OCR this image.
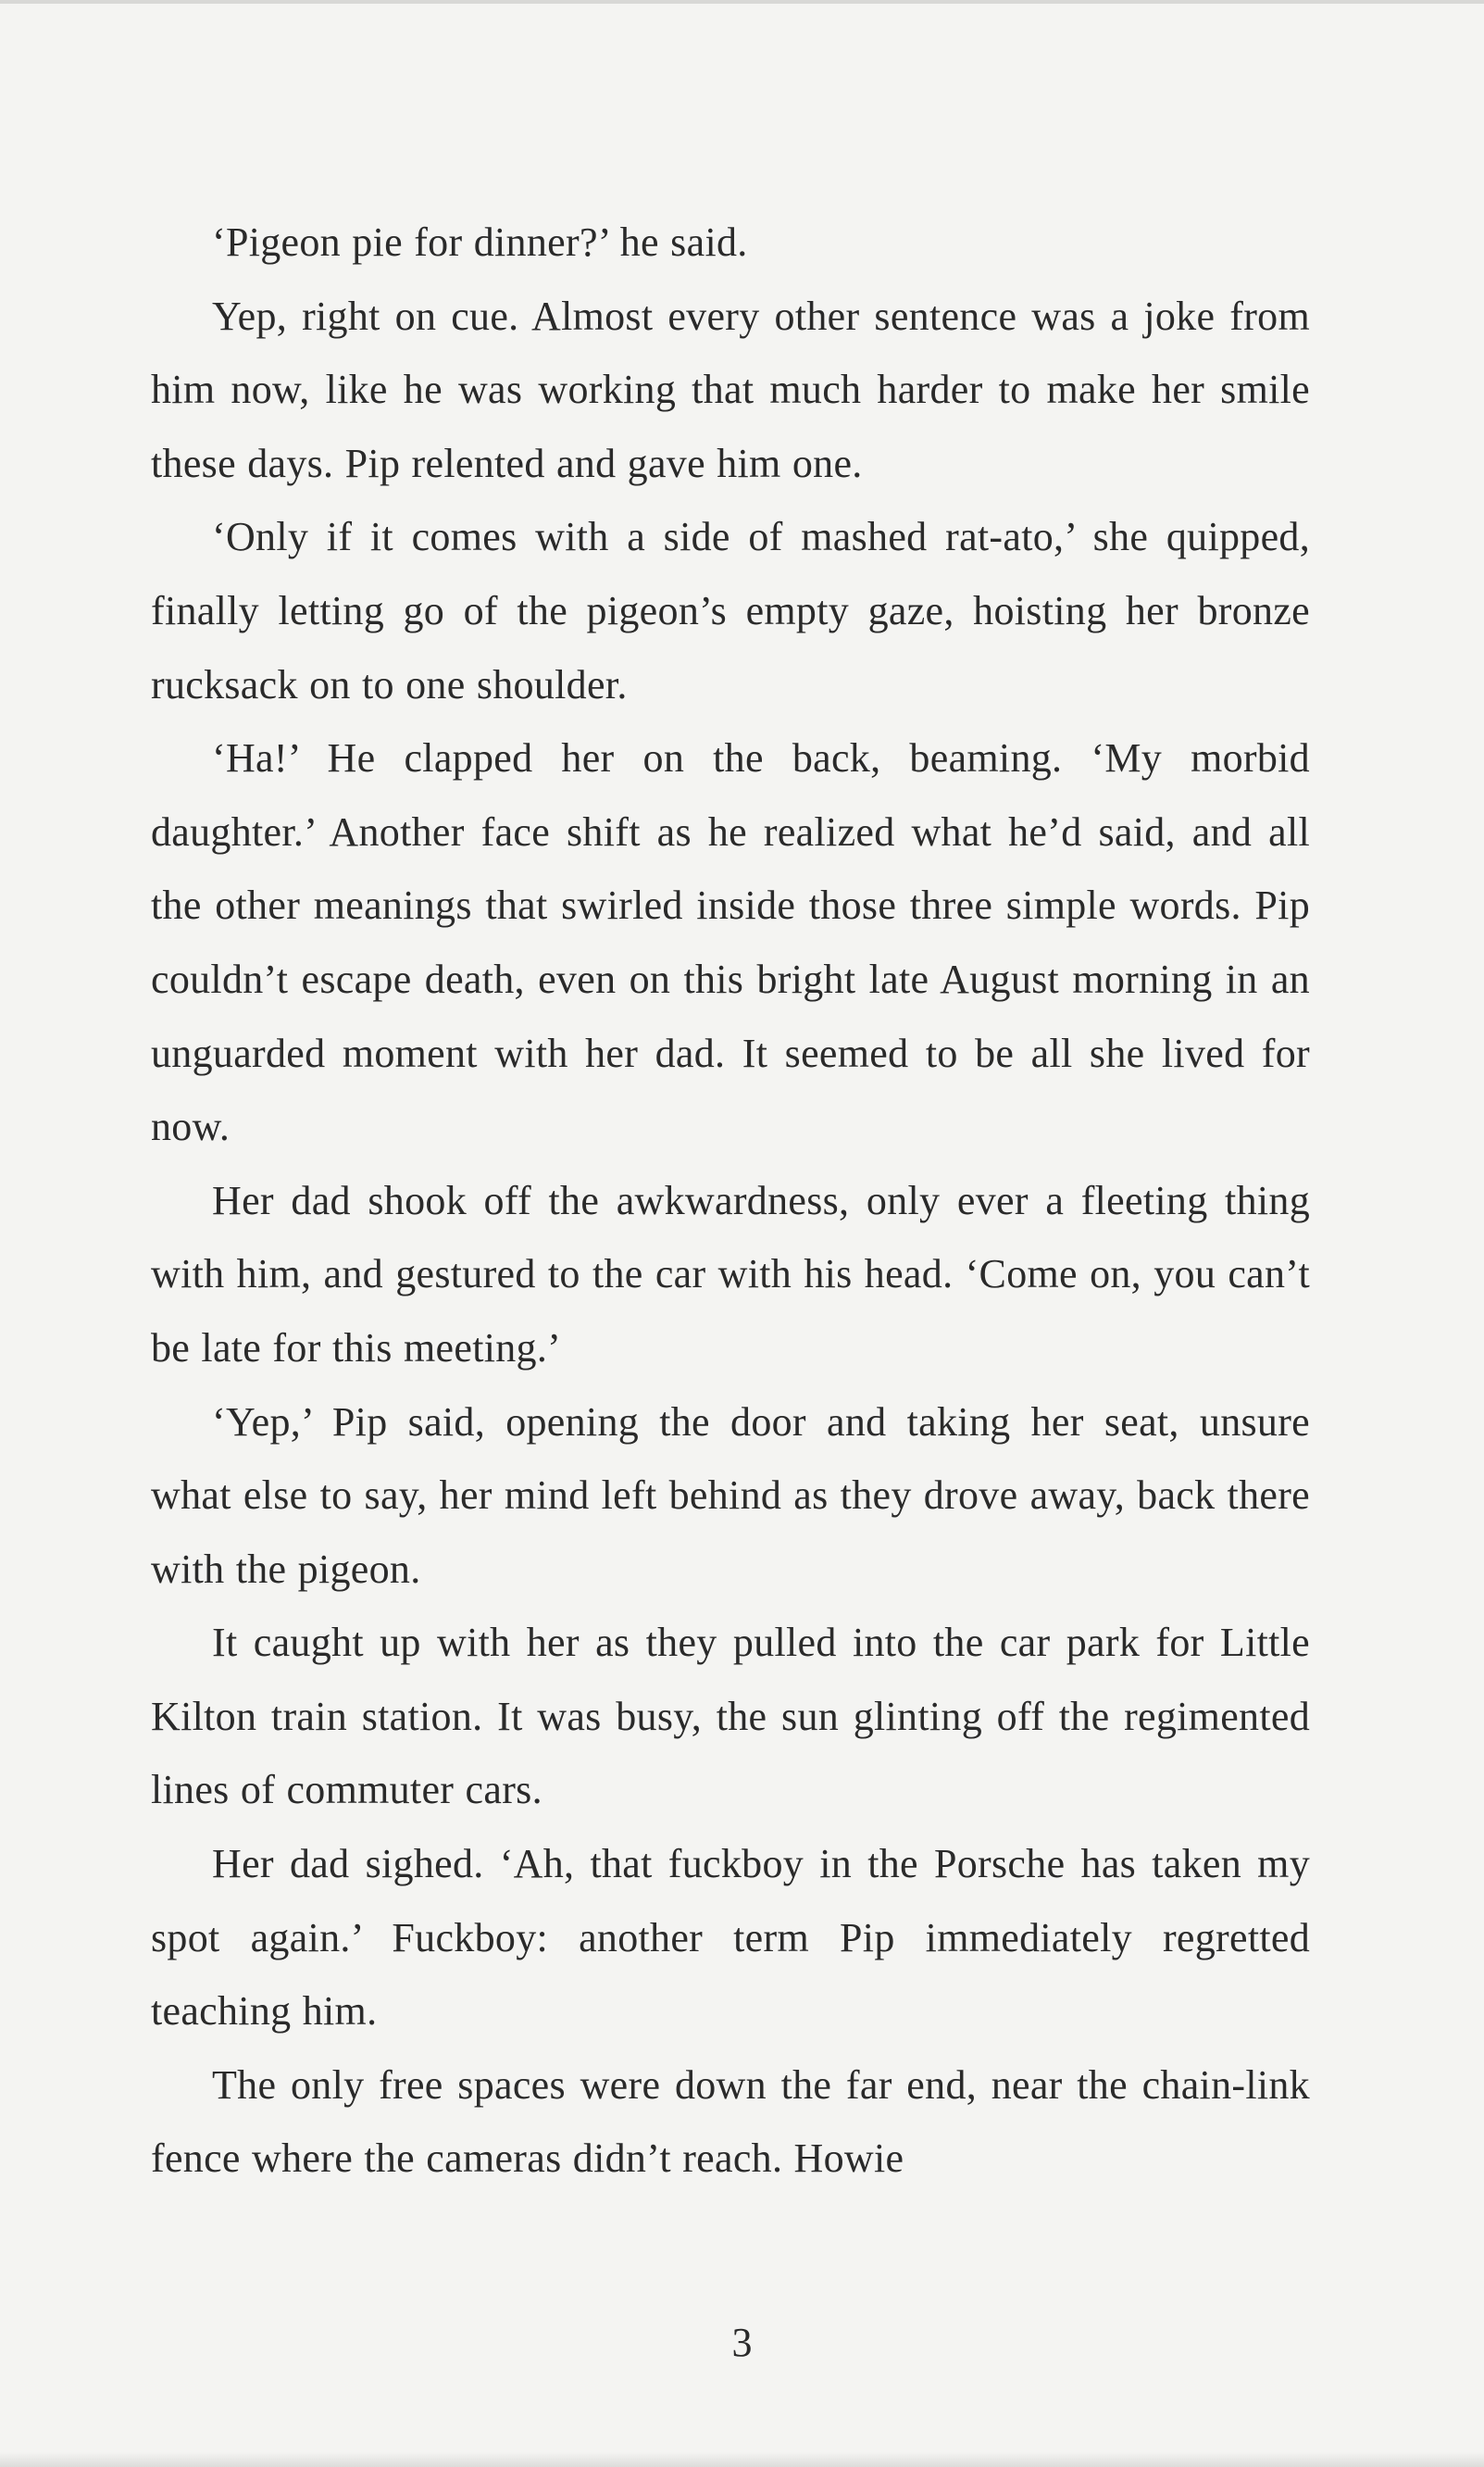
‘Pigeon pie for dinner?’ he said.

Yep, right on cue. Almost every other sentence was a joke from him now, like he was working that much harder to make her smile these days. Pip relented and gave him one.

‘Only if it comes with a side of mashed rat-ato,’ she quipped, finally letting go of the pigeon’s empty gaze, hoisting her bronze rucksack on to one shoulder.

‘Ha!’ He clapped her on the back, beaming. ‘My morbid daughter.’ Another face shift as he realized what he’d said, and all the other meanings that swirled inside those three simple words. Pip couldn’t escape death, even on this bright late August morning in an unguarded moment with her dad. It seemed to be all she lived for now.

Her dad shook off the awkwardness, only ever a fleeting thing with him, and gestured to the car with his head. ‘Come on, you can’t be late for this meeting.’

‘Yep,’ Pip said, opening the door and taking her seat, unsure what else to say, her mind left behind as they drove away, back there with the pigeon.

It caught up with her as they pulled into the car park for Little Kilton train station. It was busy, the sun glinting off the regimented lines of commuter cars.

Her dad sighed. ‘Ah, that fuckboy in the Porsche has taken my spot again.’ Fuckboy: another term Pip immediately regretted teaching him.

The only free spaces were down the far end, near the chain-link fence where the cameras didn’t reach. Howie

3
